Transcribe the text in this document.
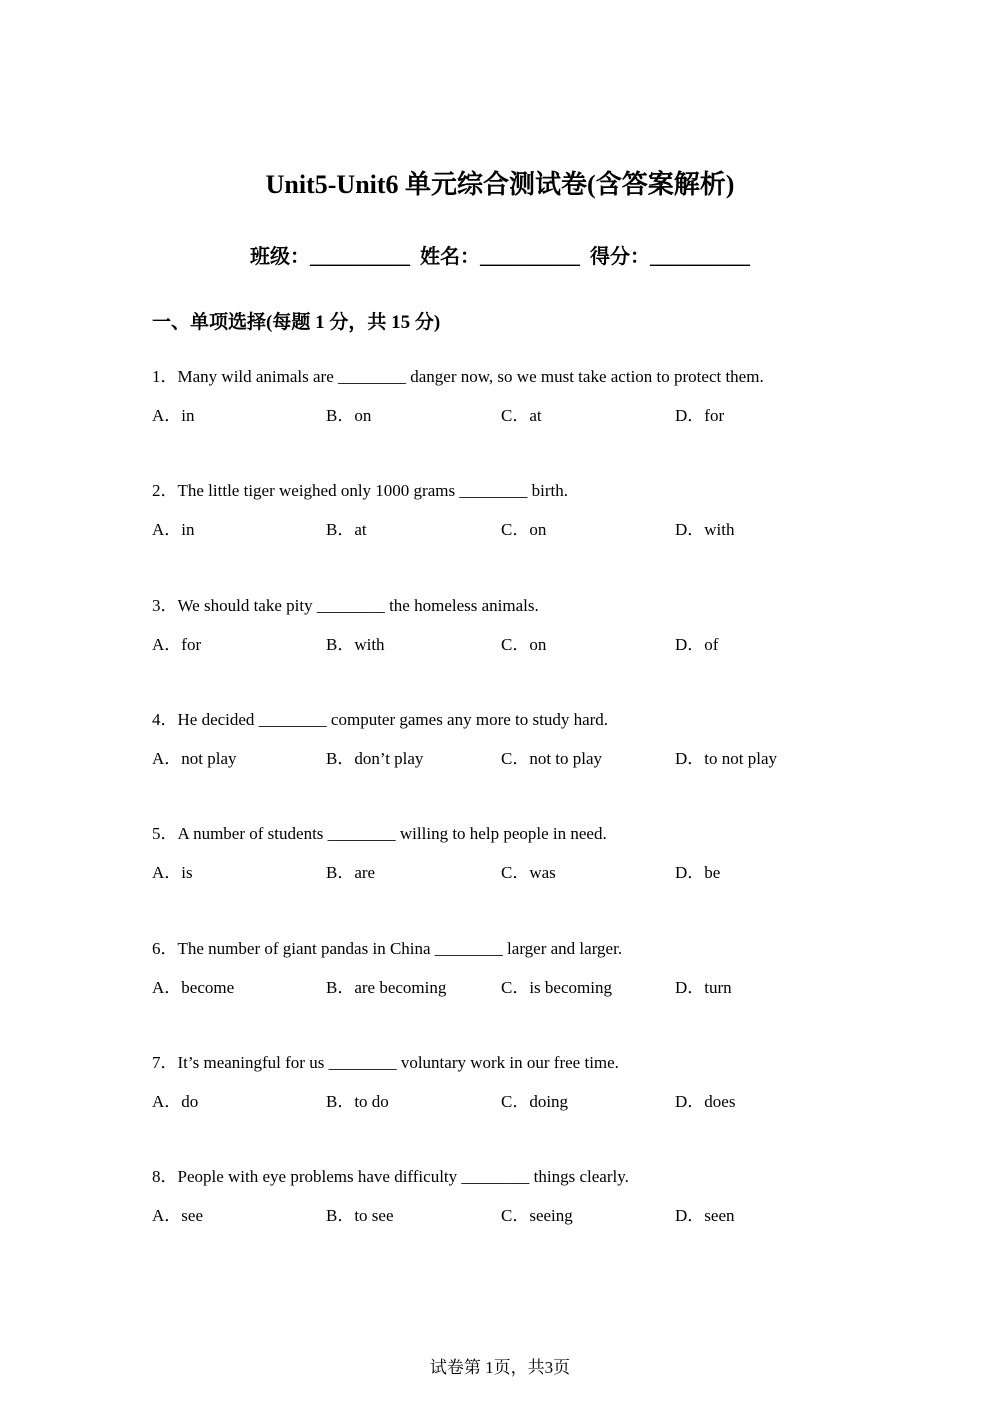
Unit5-Unit6 单元综合测试卷(含答案解析)
班级：__________  姓名：__________  得分：__________
一、单项选择(每题 1 分，共 15 分)
1．Many wild animals are ________ danger now, so we must take action to protect them.
A．in	B．on	C．at	D．for
2．The little tiger weighed only 1000 grams ________ birth.
A．in	B．at	C．on	D．with
3．We should take pity ________ the homeless animals.
A．for	B．with	C．on	D．of
4．He decided ________ computer games any more to study hard.
A．not play	B．don’t play	C．not to play	D．to not play
5．A number of students ________ willing to help people in need.
A．is	B．are	C．was	D．be
6．The number of giant pandas in China ________ larger and larger.
A．become	B．are becoming	C．is becoming	D．turn
7．It’s meaningful for us ________ voluntary work in our free time.
A．do	B．to do	C．doing	D．does
8．People with eye problems have difficulty ________ things clearly.
A．see	B．to see	C．seeing	D．seen
试卷第 1页，共3页
